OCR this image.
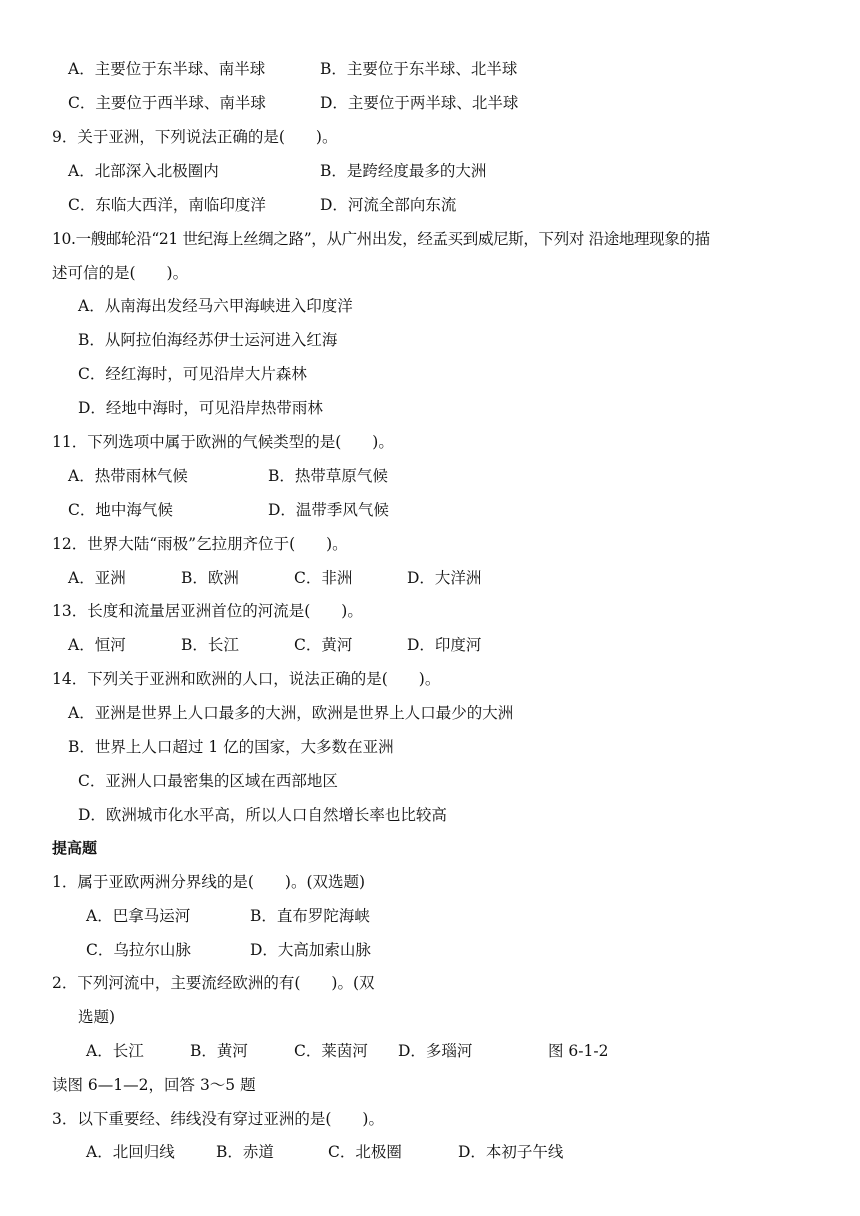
A．主要位于东半球、南半球	B．主要位于东半球、北半球
C．主要位于西半球、南半球	D．主要位于两半球、北半球
9．关于亚洲，下列说法正确的是(　　)。
A．北部深入北极圈内	B．是跨经度最多的大洲
C．东临大西洋，南临印度洋	D．河流全部向东流
10.一艘邮轮沿“21 世纪海上丝绸之路”，从广州出发，经孟买到威尼斯，下列对 沿途地理现象的描
述可信的是(　　)。
A．从南海出发经马六甲海峡进入印度洋
B．从阿拉伯海经苏伊士运河进入红海
C．经红海时，可见沿岸大片森林
D．经地中海时，可见沿岸热带雨林
11．下列选项中属于欧洲的气候类型的是(　　)。
A．热带雨林气候	B．热带草原气候
C．地中海气候	D．温带季风气候
12．世界大陆“雨极”乞拉朋齐位于(　　)。
A．亚洲	B．欧洲	C．非洲	D．大洋洲
13．长度和流量居亚洲首位的河流是(　　)。
A．恒河	B．长江	C．黄河	D．印度河
14．下列关于亚洲和欧洲的人口，说法正确的是(　　)。
A．亚洲是世界上人口最多的大洲，欧洲是世界上人口最少的大洲
B．世界上人口超过 1 亿的国家，大多数在亚洲
C．亚洲人口最密集的区域在西部地区
D．欧洲城市化水平高，所以人口自然增长率也比较高
提高题
1．属于亚欧两洲分界线的是(　　)。(双选题)
A．巴拿马运河	B．直布罗陀海峡
C．乌拉尔山脉	D．大高加索山脉
2．下列河流中，主要流经欧洲的有(　　)。(双
选题)
A．长江	B．黄河	C．莱茵河 D．多瑙河	图 6-1-2
读图 6—1—2，回答 3～5 题
3．以下重要经、纬线没有穿过亚洲的是(　　)。
A．北回归线	B．赤道	C．北极圈	D．本初子午线
